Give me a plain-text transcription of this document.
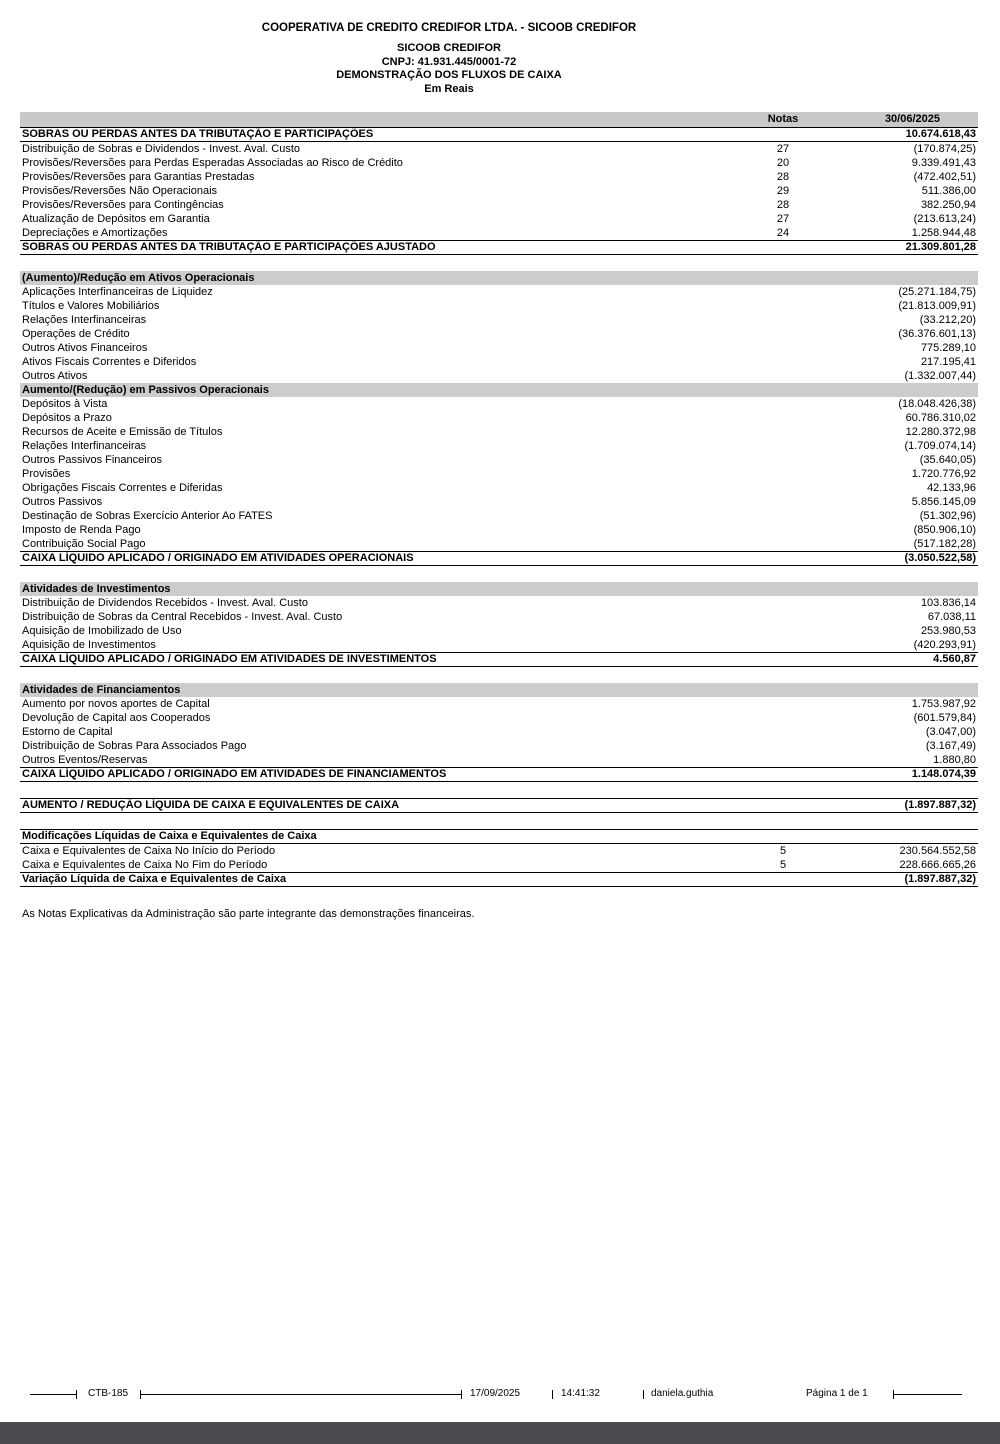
COOPERATIVA DE CREDITO CREDIFOR LTDA. - SICOOB CREDIFOR
SICOOB CREDIFOR
CNPJ: 41.931.445/0001-72
DEMONSTRAÇÃO DOS FLUXOS DE CAIXA
Em Reais
Notas	30/06/2025
SOBRAS OU PERDAS ANTES DA TRIBUTAÇÃO E PARTICIPAÇÕES	10.674.618,43
Distribuição de Sobras e Dividendos - Invest. Aval. Custo	27	(170.874,25)
Provisões/Reversões para Perdas Esperadas Associadas ao Risco de Crédito	20	9.339.491,43
Provisões/Reversões para Garantias Prestadas	28	(472.402,51)
Provisões/Reversões Não Operacionais	29	511.386,00
Provisões/Reversões para Contingências	28	382.250,94
Atualização de Depósitos em Garantia	27	(213.613,24)
Depreciações e Amortizações	24	1.258.944,48
SOBRAS OU PERDAS ANTES DA TRIBUTAÇÃO E PARTICIPAÇÕES AJUSTADO	21.309.801,28
(Aumento)/Redução em Ativos Operacionais
Aplicações Interfinanceiras de Liquidez	(25.271.184,75)
Títulos e Valores Mobiliários	(21.813.009,91)
Relações Interfinanceiras	(33.212,20)
Operações de Crédito	(36.376.601,13)
Outros Ativos Financeiros	775.289,10
Ativos Fiscais Correntes e Diferidos	217.195,41
Outros Ativos	(1.332.007,44)
Aumento/(Redução) em Passivos Operacionais
Depósitos à Vista	(18.048.426,38)
Depósitos a Prazo	60.786.310,02
Recursos de Aceite e Emissão de Títulos	12.280.372,98
Relações Interfinanceiras	(1.709.074,14)
Outros Passivos Financeiros	(35.640,05)
Provisões	1.720.776,92
Obrigações Fiscais Correntes e Diferidas	42.133,96
Outros Passivos	5.856.145,09
Destinação de Sobras Exercício Anterior Ao FATES	(51.302,96)
Imposto de Renda Pago	(850.906,10)
Contribuição Social Pago	(517.182,28)
CAIXA LÍQUIDO APLICADO / ORIGINADO EM ATIVIDADES OPERACIONAIS	(3.050.522,58)
Atividades de Investimentos
Distribuição de Dividendos Recebidos - Invest. Aval. Custo	103.836,14
Distribuição de Sobras da Central Recebidos - Invest. Aval. Custo	67.038,11
Aquisição de Imobilizado de Uso	253.980,53
Aquisição de Investimentos	(420.293,91)
CAIXA LÍQUIDO APLICADO / ORIGINADO EM ATIVIDADES DE INVESTIMENTOS	4.560,87
Atividades de Financiamentos
Aumento por novos aportes de Capital	1.753.987,92
Devolução de Capital aos Cooperados	(601.579,84)
Estorno de Capital	(3.047,00)
Distribuição de Sobras Para Associados Pago	(3.167,49)
Outros Eventos/Reservas	1.880,80
CAIXA LÍQUIDO APLICADO / ORIGINADO EM ATIVIDADES DE FINANCIAMENTOS	1.148.074,39
AUMENTO / REDUÇÃO LÍQUIDA DE CAIXA E EQUIVALENTES DE CAIXA	(1.897.887,32)
Modificações Líquidas de Caixa e Equivalentes de Caixa
Caixa e Equivalentes de Caixa No Início do Período	5	230.564.552,58
Caixa e Equivalentes de Caixa No Fim do Período	5	228.666.665,26
Variação Líquida de Caixa e Equivalentes de Caixa	(1.897.887,32)
As Notas Explicativas da Administração são parte integrante das demonstrações financeiras.
CTB-185	17/09/2025	14:41:32	daniela.guthia	Página 1 de 1
